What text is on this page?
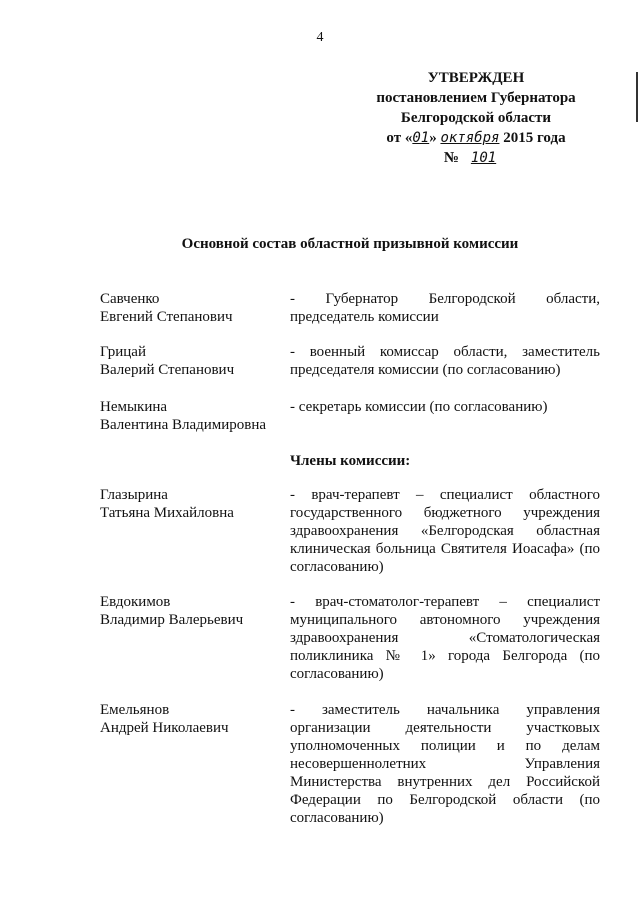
4
УТВЕРЖДЕН
постановлением Губернатора
Белгородской области
от «01» октября 2015 года
№ 101
Основной состав областной призывной комиссии
Савченко
Евгений Степанович
- Губернатор Белгородской области, председатель комиссии
Грицай
Валерий Степанович
- военный комиссар области, заместитель председателя комиссии (по согласованию)
Немыкина
Валентина Владимировна
- секретарь комиссии (по согласованию)
Члены комиссии:
Глазырина
Татьяна Михайловна
- врач-терапевт – специалист областного государственного бюджетного учреждения здравоохранения «Белгородская областная клиническая больница Святителя Иоасафа» (по согласованию)
Евдокимов
Владимир Валерьевич
- врач-стоматолог-терапевт – специалист муниципального автономного учреждения здравоохранения «Стоматологическая поликлиника № 1» города Белгорода (по согласованию)
Емельянов
Андрей Николаевич
- заместитель начальника управления организации деятельности участковых уполномоченных полиции и по делам несовершеннолетних Управления Министерства внутренних дел Российской Федерации по Белгородской области (по согласованию)
